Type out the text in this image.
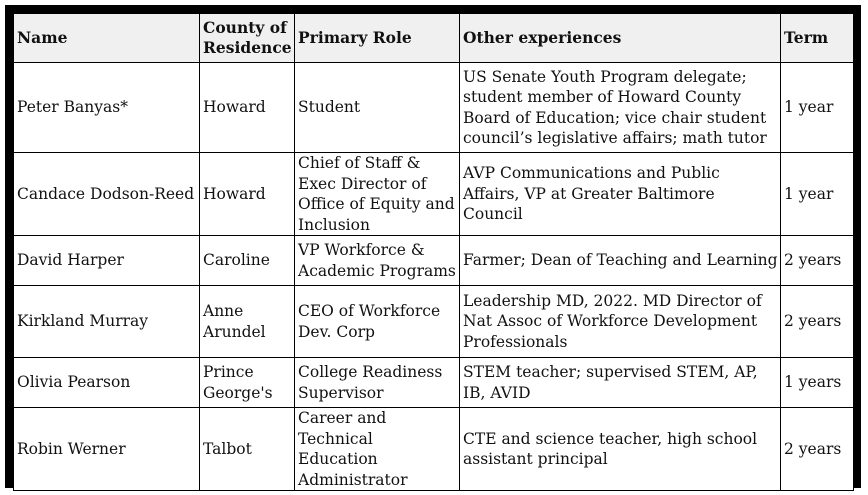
Name	County of Residence	Primary Role	Other experiences	Term
Peter Banyas*	Howard	Student	US Senate Youth Program delegate; student member of Howard County Board of Education; vice chair student council’s legislative affairs; math tutor	1 year
Candace Dodson-Reed	Howard	Chief of Staff & Exec Director of Office of Equity and Inclusion	AVP Communications and Public Affairs, VP at Greater Baltimore Council	1 year
David Harper	Caroline	VP Workforce & Academic Programs	Farmer; Dean of Teaching and Learning	2 years
Kirkland Murray	Anne Arundel	CEO of Workforce Dev. Corp	Leadership MD, 2022. MD Director of Nat Assoc of Workforce Development Professionals	2 years
Olivia Pearson	Prince George's	College Readiness Supervisor	STEM teacher; supervised STEM, AP, IB, AVID	1 years
Robin Werner	Talbot	Career and Technical Education Administrator	CTE and science teacher, high school assistant principal	2 years
